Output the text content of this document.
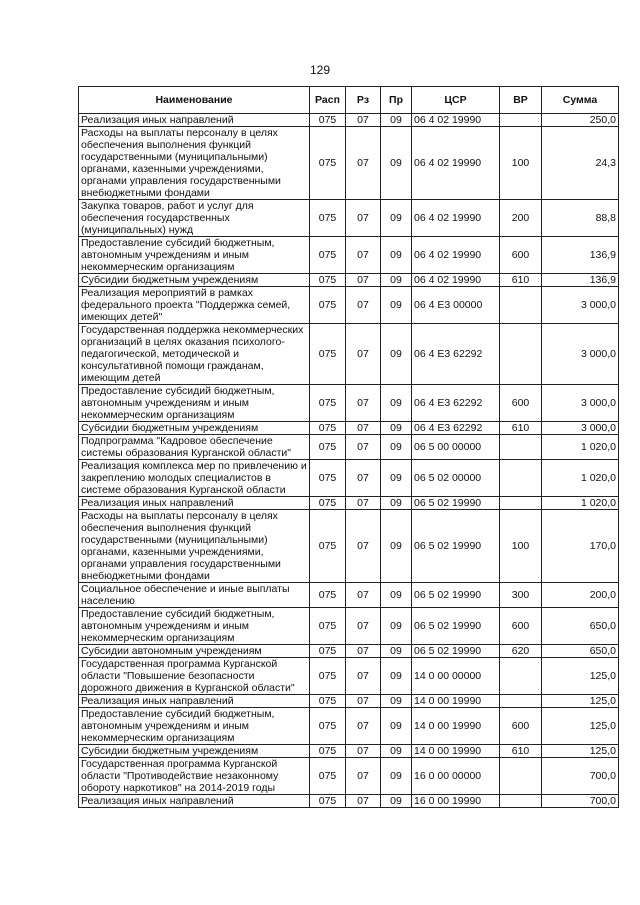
129
Наименование	Расп	Рз	Пр	ЦСР	ВР	Сумма
Реализация иных направлений	075	07	09	06 4 02 19990		250,0
Расходы на выплаты персоналу в целях обеспечения выполнения функций государственными (муниципальными) органами, казенными учреждениями, органами управления государственными внебюджетными фондами	075	07	09	06 4 02 19990	100	24,3
Закупка товаров, работ и услуг для обеспечения государственных (муниципальных) нужд	075	07	09	06 4 02 19990	200	88,8
Предоставление субсидий бюджетным, автономным учреждениям и иным некоммерческим организациям	075	07	09	06 4 02 19990	600	136,9
Субсидии бюджетным учреждениям	075	07	09	06 4 02 19990	610	136,9
Реализация мероприятий в рамках федерального проекта "Поддержка семей, имеющих детей"	075	07	09	06 4 E3 00000		3 000,0
Государственная поддержка некоммерческих организаций в целях оказания психолого-педагогической, методической и консультативной помощи гражданам, имеющим детей	075	07	09	06 4 E3 62292		3 000,0
Предоставление субсидий бюджетным, автономным учреждениям и иным некоммерческим организациям	075	07	09	06 4 E3 62292	600	3 000,0
Субсидии бюджетным учреждениям	075	07	09	06 4 E3 62292	610	3 000,0
Подпрограмма "Кадровое обеспечение системы образования Курганской области"	075	07	09	06 5 00 00000		1 020,0
Реализация комплекса мер по привлечению и закреплению молодых специалистов в системе образования Курганской области	075	07	09	06 5 02 00000		1 020,0
Реализация иных направлений	075	07	09	06 5 02 19990		1 020,0
Расходы на выплаты персоналу в целях обеспечения выполнения функций государственными (муниципальными) органами, казенными учреждениями, органами управления государственными внебюджетными фондами	075	07	09	06 5 02 19990	100	170,0
Социальное обеспечение и иные выплаты населению	075	07	09	06 5 02 19990	300	200,0
Предоставление субсидий бюджетным, автономным учреждениям и иным некоммерческим организациям	075	07	09	06 5 02 19990	600	650,0
Субсидии автономным учреждениям	075	07	09	06 5 02 19990	620	650,0
Государственная программа Курганской области "Повышение безопасности дорожного движения в Курганской области"	075	07	09	14 0 00 00000		125,0
Реализация иных направлений	075	07	09	14 0 00 19990		125,0
Предоставление субсидий бюджетным, автономным учреждениям и иным некоммерческим организациям	075	07	09	14 0 00 19990	600	125,0
Субсидии бюджетным учреждениям	075	07	09	14 0 00 19990	610	125,0
Государственная программа Курганской области "Противодействие незаконному обороту наркотиков" на 2014-2019 годы	075	07	09	16 0 00 00000		700,0
Реализация иных направлений	075	07	09	16 0 00 19990		700,0
